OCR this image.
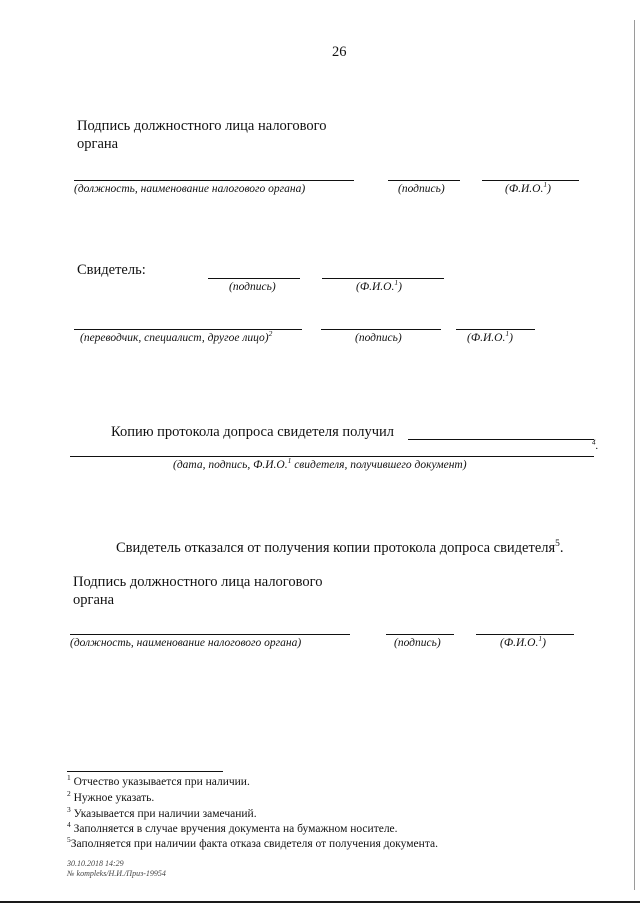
26
Подпись должностного лица налогового
органа
(должность, наименование налогового органа)	(подпись)	(Ф.И.О.$^1$)
Свидетель:
(подпись)	(Ф.И.О.$^1$)
(переводчик, специалист, другое лицо)$^2$	(подпись)	(Ф.И.О.$^1$)
Копию протокола допроса свидетеля получил
$^4$.
(дата, подпись, Ф.И.О.$^1$ свидетеля, получившего документ)
Свидетель отказался от получения копии протокола допроса свидетеля$^5$.
Подпись должностного лица налогового
органа
(должность, наименование налогового органа)	(подпись)	(Ф.И.О.$^1$)
$^1$ Отчество указывается при наличии.
$^2$ Нужное указать.
$^3$ Указывается при наличии замечаний.
$^4$ Заполняется в случае вручения документа на бумажном носителе.
$^5$Заполняется при наличии факта отказа свидетеля от получения документа.
30.10.2018 14:29
№ kompleks/Н.И./Приз-19954
